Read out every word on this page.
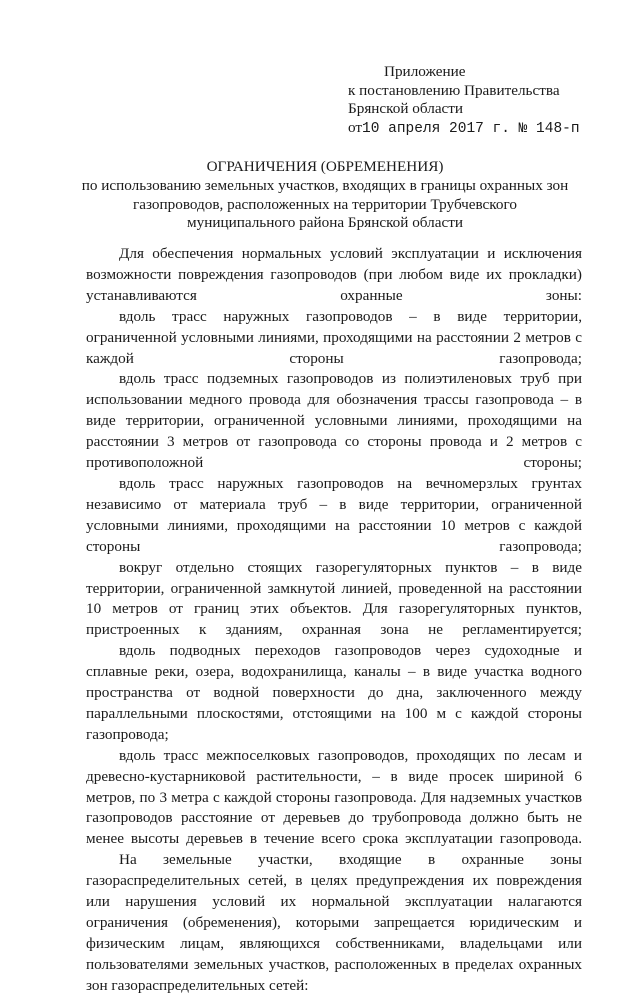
Приложение
к постановлению Правительства
Брянской области
от10 апреля 2017 г. № 148-п
ОГРАНИЧЕНИЯ (ОБРЕМЕНЕНИЯ)
по использованию земельных участков, входящих в границы охранных зон
газопроводов, расположенных на территории Трубчевского
муниципального района Брянской области

Для обеспечения нормальных условий эксплуатации и исключения возможности повреждения газопроводов (при любом виде их прокладки) устанавливаются охранные зоны:

вдоль трасс наружных газопроводов – в виде территории, ограниченной условными линиями, проходящими на расстоянии 2 метров с каждой стороны газопровода;

вдоль трасс подземных газопроводов из полиэтиленовых труб при использовании медного провода для обозначения трассы газопровода – в виде территории, ограниченной условными линиями, проходящими на расстоянии 3 метров от газопровода со стороны провода и 2 метров с противоположной стороны;

вдоль трасс наружных газопроводов на вечномерзлых грунтах независимо от материала труб – в виде территории, ограниченной условными линиями, проходящими на расстоянии 10 метров с каждой стороны газопровода;

вокруг отдельно стоящих газорегуляторных пунктов – в виде территории, ограниченной замкнутой линией, проведенной на расстоянии 10 метров от границ этих объектов. Для газорегуляторных пунктов, пристроенных к зданиям, охранная зона не регламентируется;

вдоль подводных переходов газопроводов через судоходные и сплавные реки, озера, водохранилища, каналы – в виде участка водного пространства от водной поверхности до дна, заключенного между параллельными плоскостями, отстоящими на 100 м с каждой стороны газопровода;

вдоль трасс межпоселковых газопроводов, проходящих по лесам и древесно-кустарниковой растительности, – в виде просек шириной 6 метров, по 3 метра с каждой стороны газопровода. Для надземных участков газопроводов расстояние от деревьев до трубопровода должно быть не менее высоты деревьев в течение всего срока эксплуатации газопровода.

На земельные участки, входящие в охранные зоны газораспределительных сетей, в целях предупреждения их повреждения или нарушения условий их нормальной эксплуатации налагаются ограничения (обременения), которыми запрещается юридическим и физическим лицам, являющихся собственниками, владельцами или пользователями земельных участков, расположенных в пределах охранных зон газораспределительных сетей:
